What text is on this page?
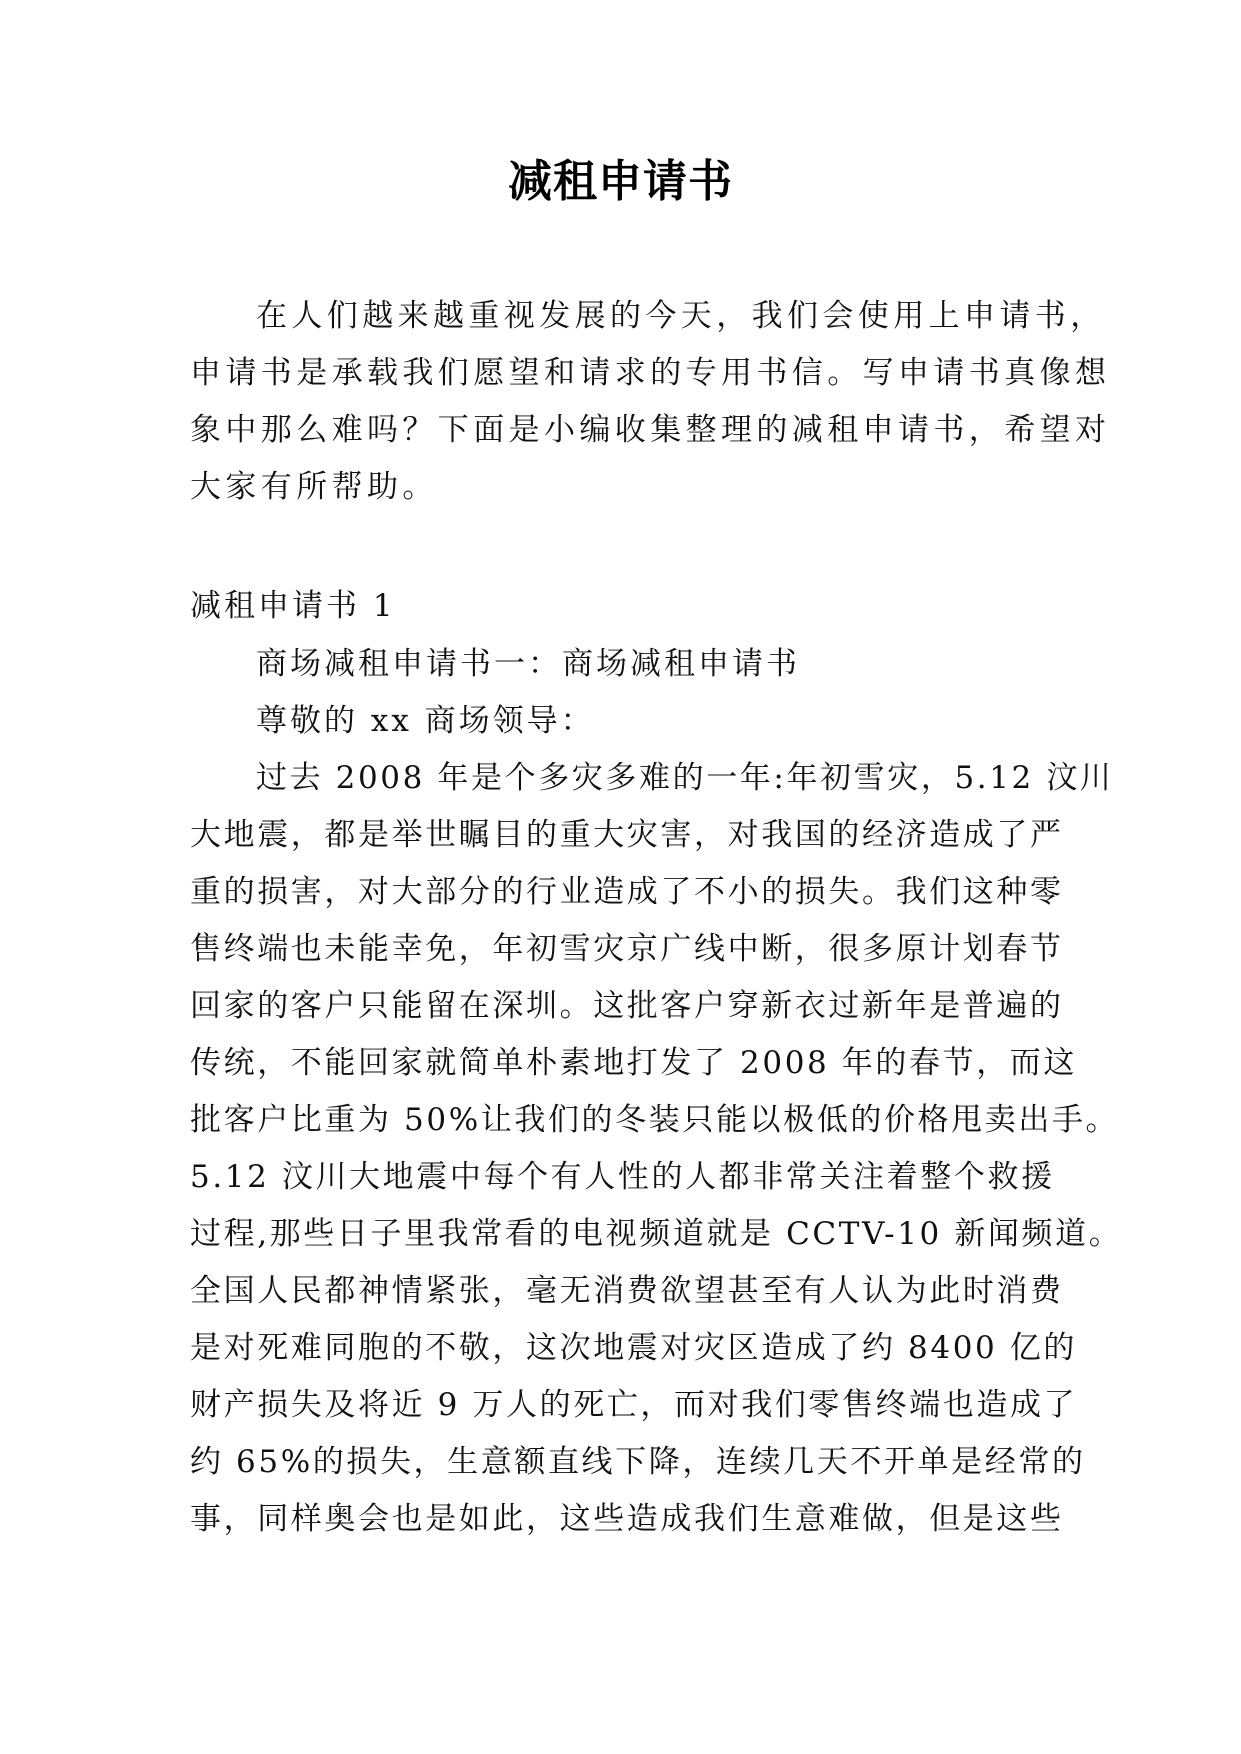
减租申请书
在人们越来越重视发展的今天，我们会使用上申请书，
申请书是承载我们愿望和请求的专用书信。写申请书真像想
象中那么难吗？下面是小编收集整理的减租申请书，希望对
大家有所帮助。
减租申请书 1
商场减租申请书一：商场减租申请书
尊敬的 xx 商场领导：
过去 2008 年是个多灾多难的一年:年初雪灾，5.12 汶川
大地震，都是举世瞩目的重大灾害，对我国的经济造成了严
重的损害，对大部分的行业造成了不小的损失。我们这种零
售终端也未能幸免，年初雪灾京广线中断，很多原计划春节
回家的客户只能留在深圳。这批客户穿新衣过新年是普遍的
传统，不能回家就简单朴素地打发了 2008 年的春节，而这
批客户比重为 50%让我们的冬装只能以极低的价格甩卖出手。
5.12 汶川大地震中每个有人性的人都非常关注着整个救援
过程,那些日子里我常看的电视频道就是 CCTV-10 新闻频道。
全国人民都神情紧张，毫无消费欲望甚至有人认为此时消费
是对死难同胞的不敬，这次地震对灾区造成了约 8400 亿的
财产损失及将近 9 万人的死亡，而对我们零售终端也造成了
约 65%的损失，生意额直线下降，连续几天不开单是经常的
事，同样奥会也是如此，这些造成我们生意难做，但是这些
